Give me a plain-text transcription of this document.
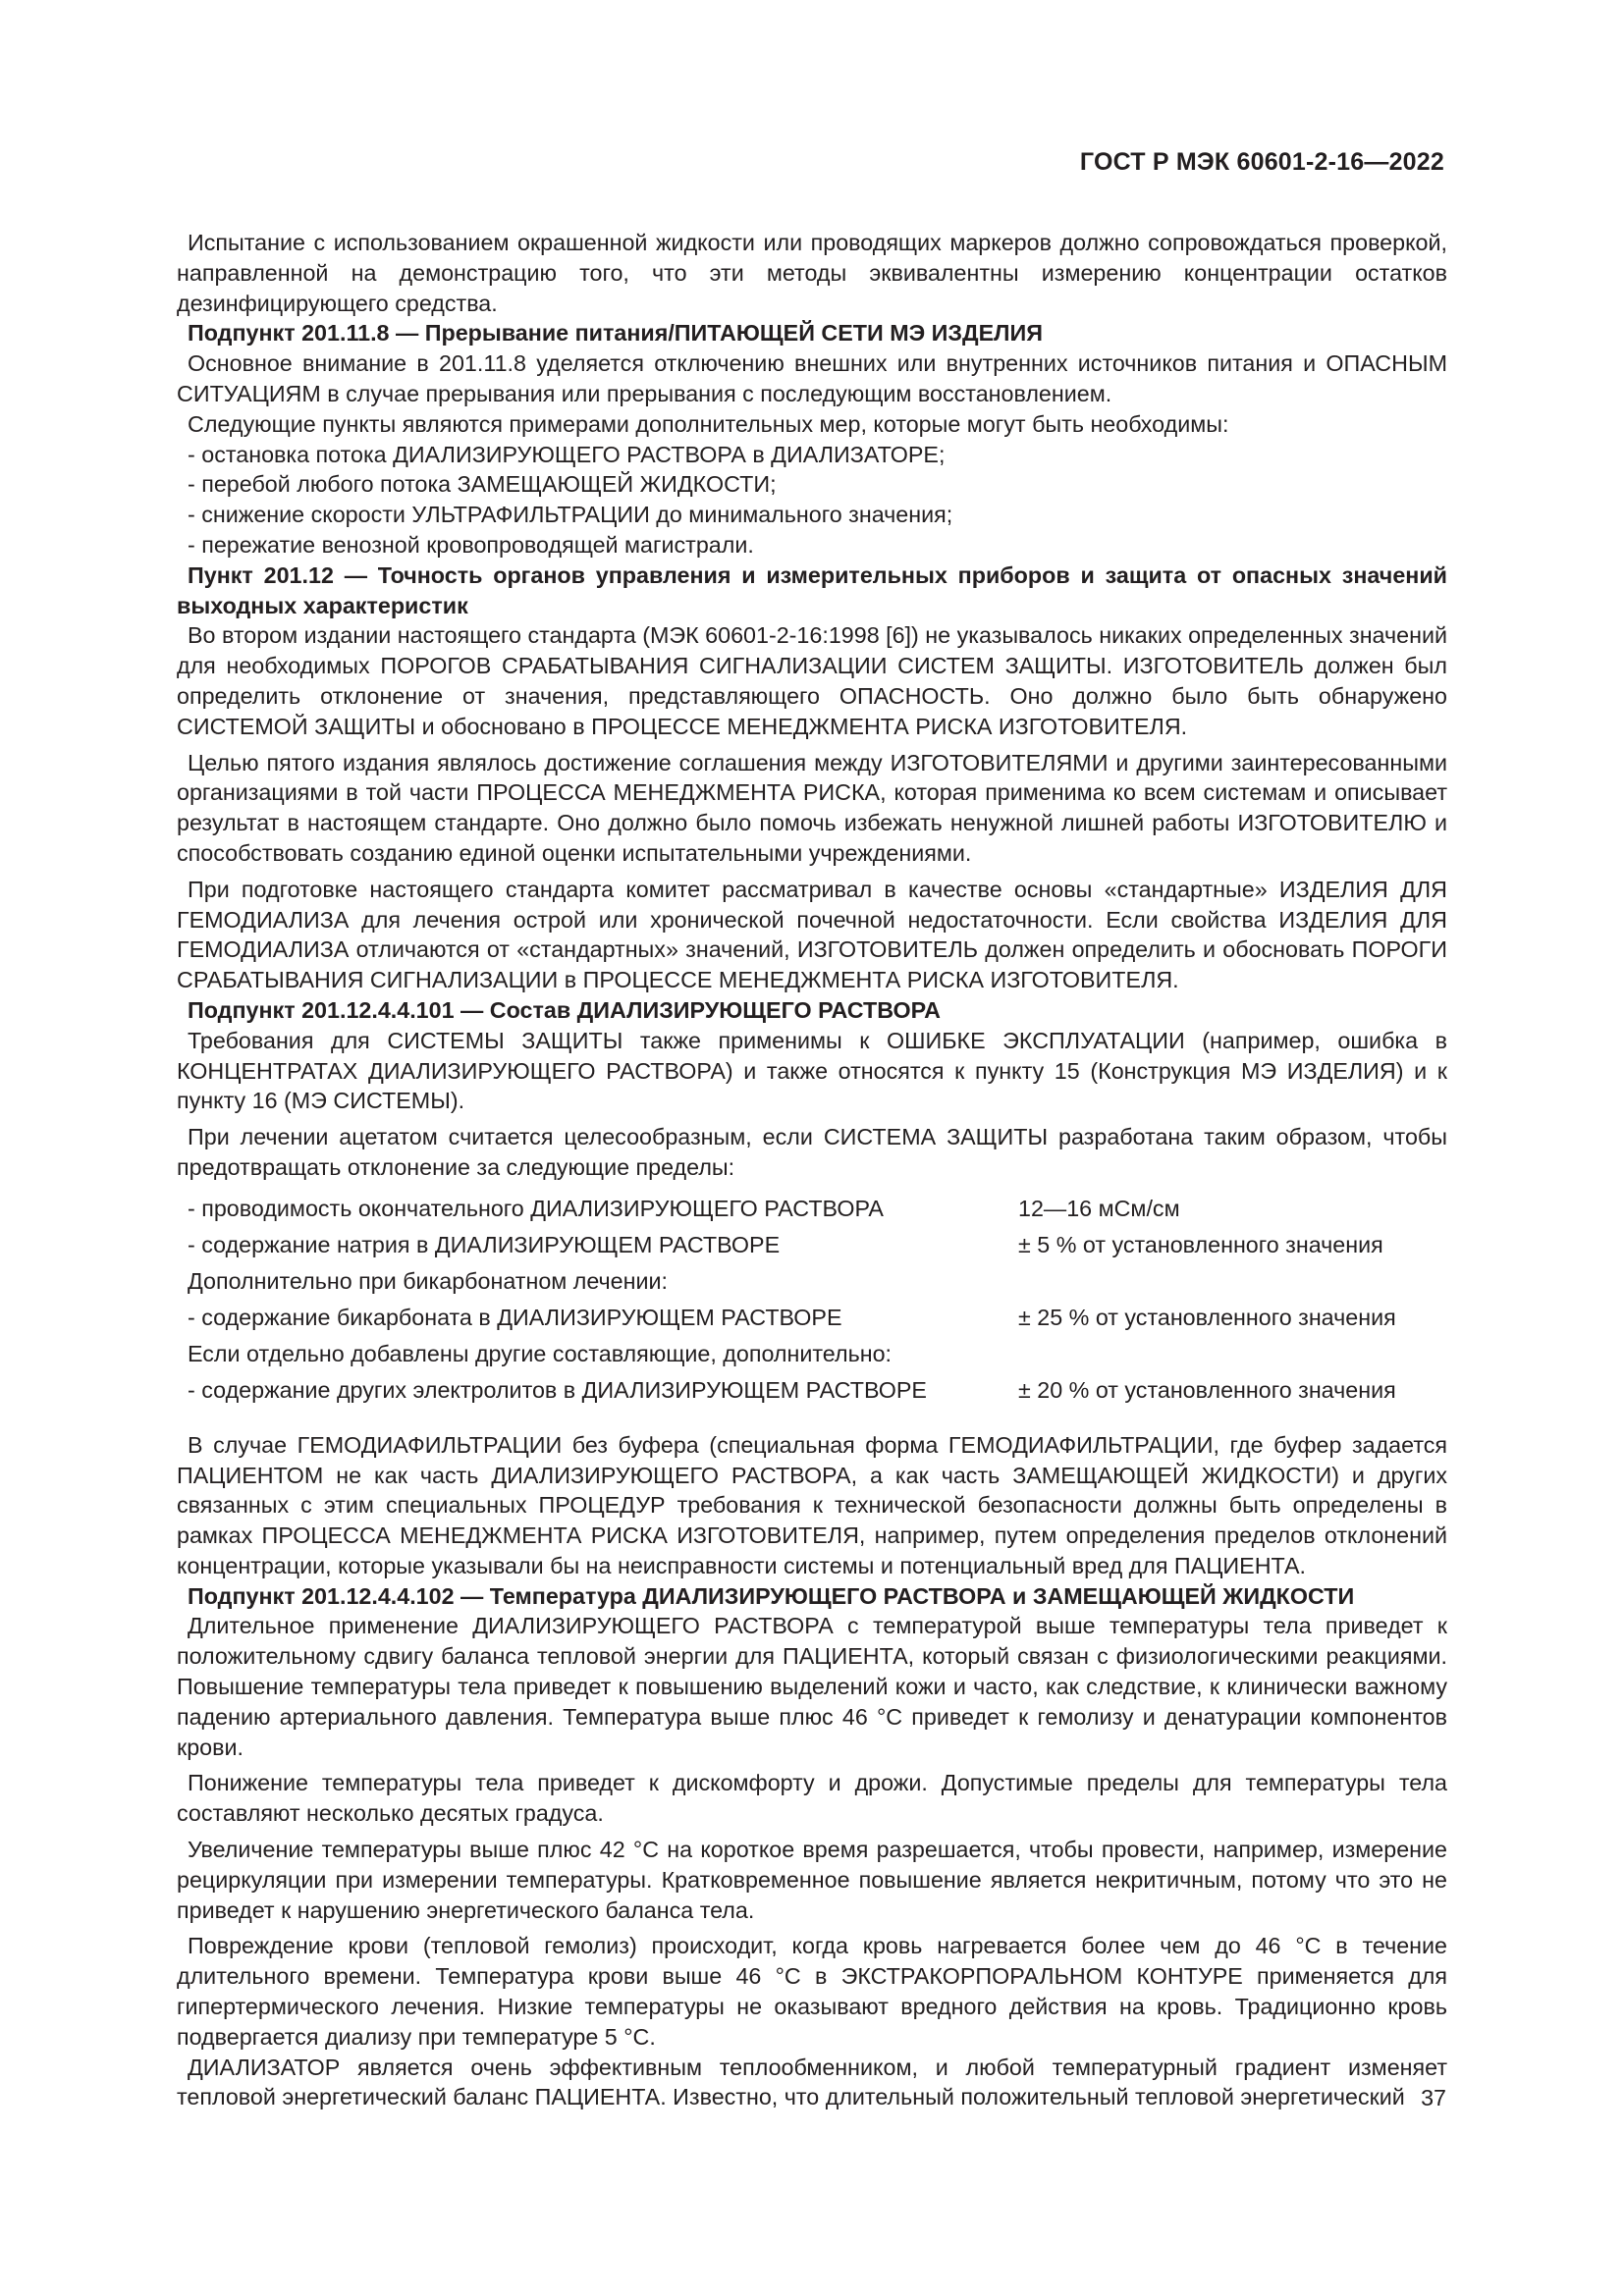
ГОСТ Р МЭК 60601-2-16—2022

Испытание с использованием окрашенной жидкости или проводящих маркеров должно сопровождаться проверкой, направленной на демонстрацию того, что эти методы эквивалентны измерению концентрации остатков дезинфицирующего средства.

Подпункт 201.11.8 — Прерывание питания/ПИТАЮЩЕЙ СЕТИ МЭ ИЗДЕЛИЯ

Основное внимание в 201.11.8 уделяется отключению внешних или внутренних источников питания и ОПАСНЫМ СИТУАЦИЯМ в случае прерывания или прерывания с последующим восстановлением.

Следующие пункты являются примерами дополнительных мер, которые могут быть необходимы:

- остановка потока ДИАЛИЗИРУЮЩЕГО РАСТВОРА в ДИАЛИЗАТОРЕ;

- перебой любого потока ЗАМЕЩАЮЩЕЙ ЖИДКОСТИ;

- снижение скорости УЛЬТРАФИЛЬТРАЦИИ до минимального значения;

- пережатие венозной кровопроводящей магистрали.

Пункт 201.12 — Точность органов управления и измерительных приборов и защита от опасных значений выходных характеристик

Во втором издании настоящего стандарта (МЭК 60601-2-16:1998 [6]) не указывалось никаких определенных значений для необходимых ПОРОГОВ СРАБАТЫВАНИЯ СИГНАЛИЗАЦИИ СИСТЕМ ЗАЩИТЫ. ИЗГОТОВИТЕЛЬ должен был определить отклонение от значения, представляющего ОПАСНОСТЬ. Оно должно было быть обнаружено СИСТЕМОЙ ЗАЩИТЫ и обосновано в ПРОЦЕССЕ МЕНЕДЖМЕНТА РИСКА ИЗГОТОВИТЕЛЯ.

Целью пятого издания являлось достижение соглашения между ИЗГОТОВИТЕЛЯМИ и другими заинтересованными организациями в той части ПРОЦЕССА МЕНЕДЖМЕНТА РИСКА, которая применима ко всем системам и описывает результат в настоящем стандарте. Оно должно было помочь избежать ненужной лишней работы ИЗГОТОВИТЕЛЮ и способствовать созданию единой оценки испытательными учреждениями.

При подготовке настоящего стандарта комитет рассматривал в качестве основы «стандартные» ИЗДЕЛИЯ ДЛЯ ГЕМОДИАЛИЗА для лечения острой или хронической почечной недостаточности. Если свойства ИЗДЕЛИЯ ДЛЯ ГЕМОДИАЛИЗА отличаются от «стандартных» значений, ИЗГОТОВИТЕЛЬ должен определить и обосновать ПОРОГИ СРАБАТЫВАНИЯ СИГНАЛИЗАЦИИ в ПРОЦЕССЕ МЕНЕДЖМЕНТА РИСКА ИЗГОТОВИТЕЛЯ.

Подпункт 201.12.4.4.101 — Состав ДИАЛИЗИРУЮЩЕГО РАСТВОРА

Требования для СИСТЕМЫ ЗАЩИТЫ также применимы к ОШИБКЕ ЭКСПЛУАТАЦИИ (например, ошибка в КОНЦЕНТРАТАХ ДИАЛИЗИРУЮЩЕГО РАСТВОРА) и также относятся к пункту 15 (Конструкция МЭ ИЗДЕЛИЯ) и к пункту 16 (МЭ СИСТЕМЫ).

При лечении ацетатом считается целесообразным, если СИСТЕМА ЗАЩИТЫ разработана таким образом, чтобы предотвращать отклонение за следующие пределы:

- проводимость окончательного ДИАЛИЗИРУЮЩЕГО РАСТВОРА	12—16 мСм/см
- содержание натрия в ДИАЛИЗИРУЮЩЕМ РАСТВОРЕ	± 5 % от установленного значения
Дополнительно при бикарбонатном лечении:	
- содержание бикарбоната в ДИАЛИЗИРУЮЩЕМ РАСТВОРЕ	± 25 % от установленного значения
Если отдельно добавлены другие составляющие, дополнительно:	
- содержание других электролитов в ДИАЛИЗИРУЮЩЕМ РАСТВОРЕ	± 20 % от установленного значения

В случае ГЕМОДИАФИЛЬТРАЦИИ без буфера (специальная форма ГЕМОДИАФИЛЬТРАЦИИ, где буфер задается ПАЦИЕНТОМ не как часть ДИАЛИЗИРУЮЩЕГО РАСТВОРА, а как часть ЗАМЕЩАЮЩЕЙ ЖИДКОСТИ) и других связанных с этим специальных ПРОЦЕДУР требования к технической безопасности должны быть определены в рамках ПРОЦЕССА МЕНЕДЖМЕНТА РИСКА ИЗГОТОВИТЕЛЯ, например, путем определения пределов отклонений концентрации, которые указывали бы на неисправности системы и потенциальный вред для ПАЦИЕНТА.

Подпункт 201.12.4.4.102 — Температура ДИАЛИЗИРУЮЩЕГО РАСТВОРА и ЗАМЕЩАЮЩЕЙ ЖИДКОСТИ

Длительное применение ДИАЛИЗИРУЮЩЕГО РАСТВОРА с температурой выше температуры тела приведет к положительному сдвигу баланса тепловой энергии для ПАЦИЕНТА, который связан с физиологическими реакциями. Повышение температуры тела приведет к повышению выделений кожи и часто, как следствие, к клинически важному падению артериального давления. Температура выше плюс 46 °С приведет к гемолизу и денатурации компонентов крови.

Понижение температуры тела приведет к дискомфорту и дрожи. Допустимые пределы для температуры тела составляют несколько десятых градуса.

Увеличение температуры выше плюс 42 °С на короткое время разрешается, чтобы провести, например, измерение рециркуляции при измерении температуры. Кратковременное повышение является некритичным, потому что это не приведет к нарушению энергетического баланса тела.

Повреждение крови (тепловой гемолиз) происходит, когда кровь нагревается более чем до 46 °С в течение длительного времени. Температура крови выше 46 °С в ЭКСТРАКОРПОРАЛЬНОМ КОНТУРЕ применяется для гипертермического лечения. Низкие температуры не оказывают вредного действия на кровь. Традиционно кровь подвергается диализу при температуре 5 °С.

ДИАЛИЗАТОР является очень эффективным теплообменником, и любой температурный градиент изменяет тепловой энергетический баланс ПАЦИЕНТА. Известно, что длительный положительный тепловой энергетический 37
